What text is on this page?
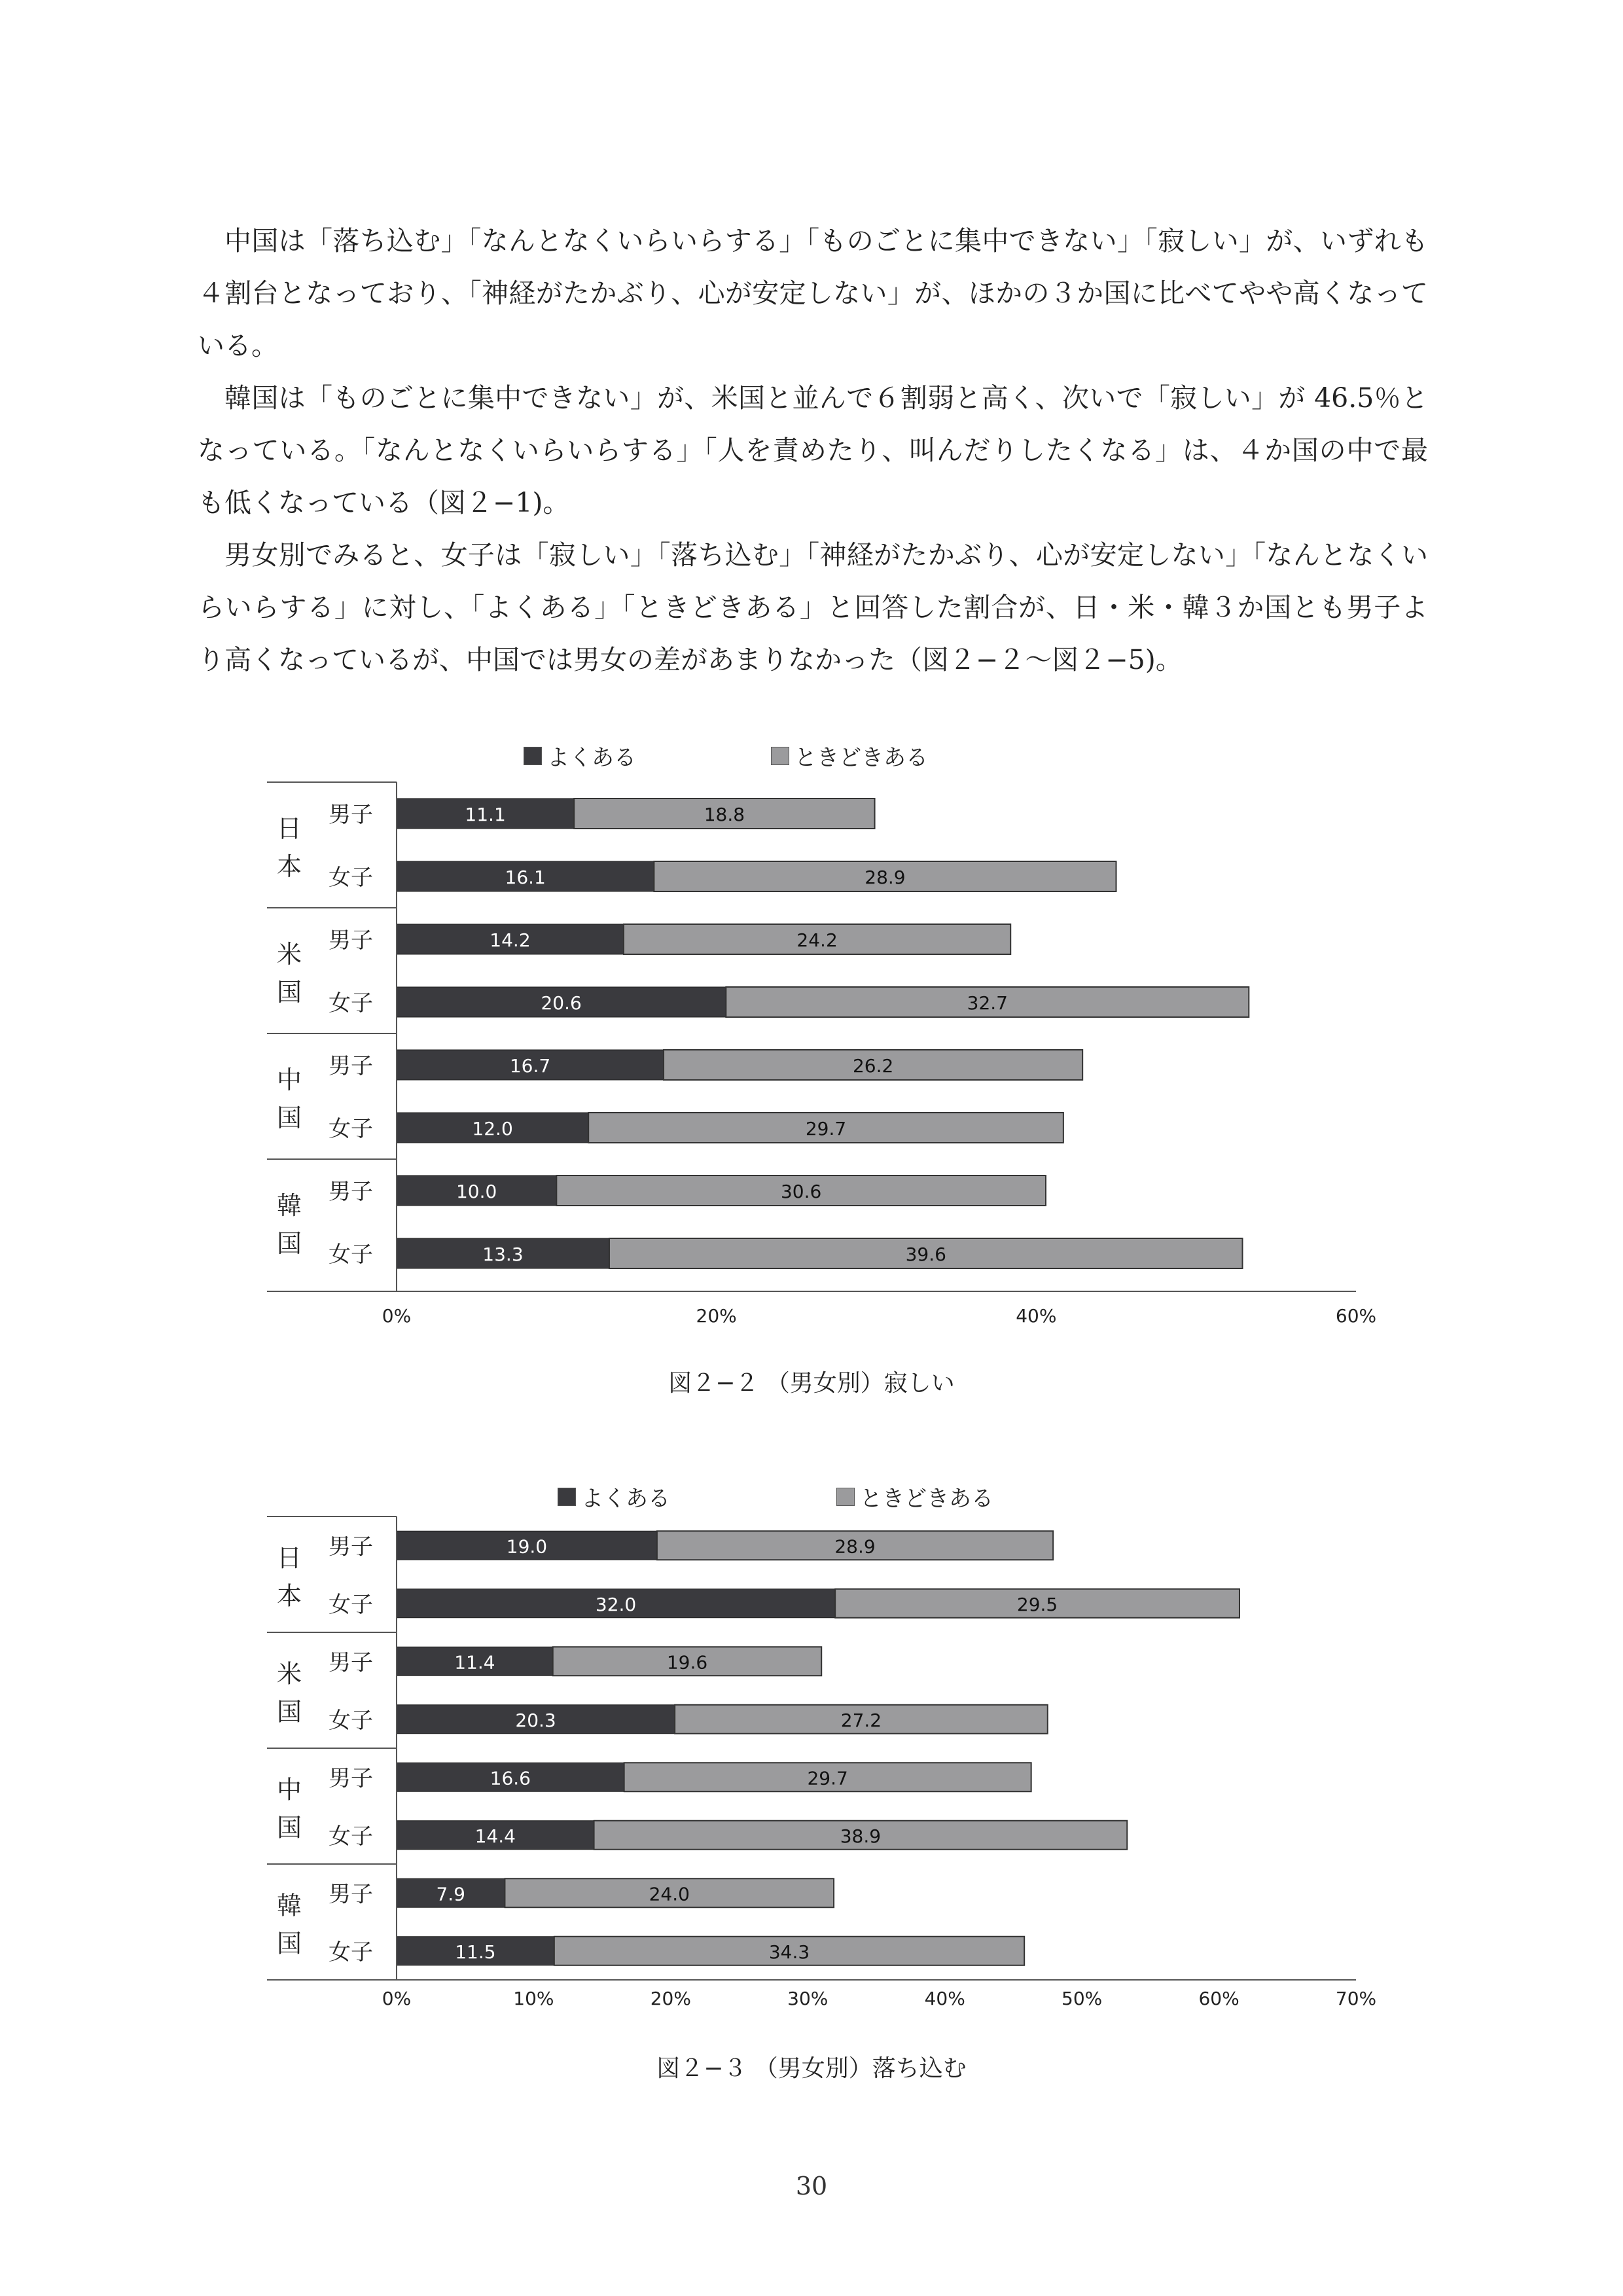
中国は「落ち込む」「なんとなくいらいらする」「ものごとに集中できない」「寂しい」が、いずれも４割台となっており、「神経がたかぶり、心が安定しない」が、ほかの３か国に比べてやや高くなっている。

韓国は「ものごとに集中できない」が、米国と並んで６割弱と高く、次いで「寂しい」が 46.5％となっている。「なんとなくいらいらする」「人を責めたり、叫んだりしたくなる」は、４か国の中で最も低くなっている（図２−1)。

男女別でみると、女子は「寂しい」「落ち込む」「神経がたかぶり、心が安定しない」「なんとなくいらいらする」に対し、「よくある」「ときどきある」と回答した割合が、日・米・韓３か国とも男子より高くなっているが、中国では男女の差があまりなかった（図２−２〜図２−5)。

よくある	ときどきある
11.1	18.8
男子
16.1	28.9
女子
14.2	24.2
男子
20.6	32.7
女子
16.7	26.2
男子
12.0	29.7
女子
10.0	30.6
男子
13.3	39.6
女子
日
本
米
国
中
国
韓
国
0%	20%	40%	60%
図２−２ （男女別）寂しい
よくある	ときどきある
19.0	28.9
男子
32.0	29.5
女子
11.4	19.6
男子
20.3	27.2
女子
16.6	29.7
男子
14.4	38.9
女子
7.9	24.0
男子
11.5	34.3
女子
日
本
米
国
中
国
韓
国
0%	10%	20%	30%	40%	50%	60%	70%
図２−３ （男女別）落ち込む
30
